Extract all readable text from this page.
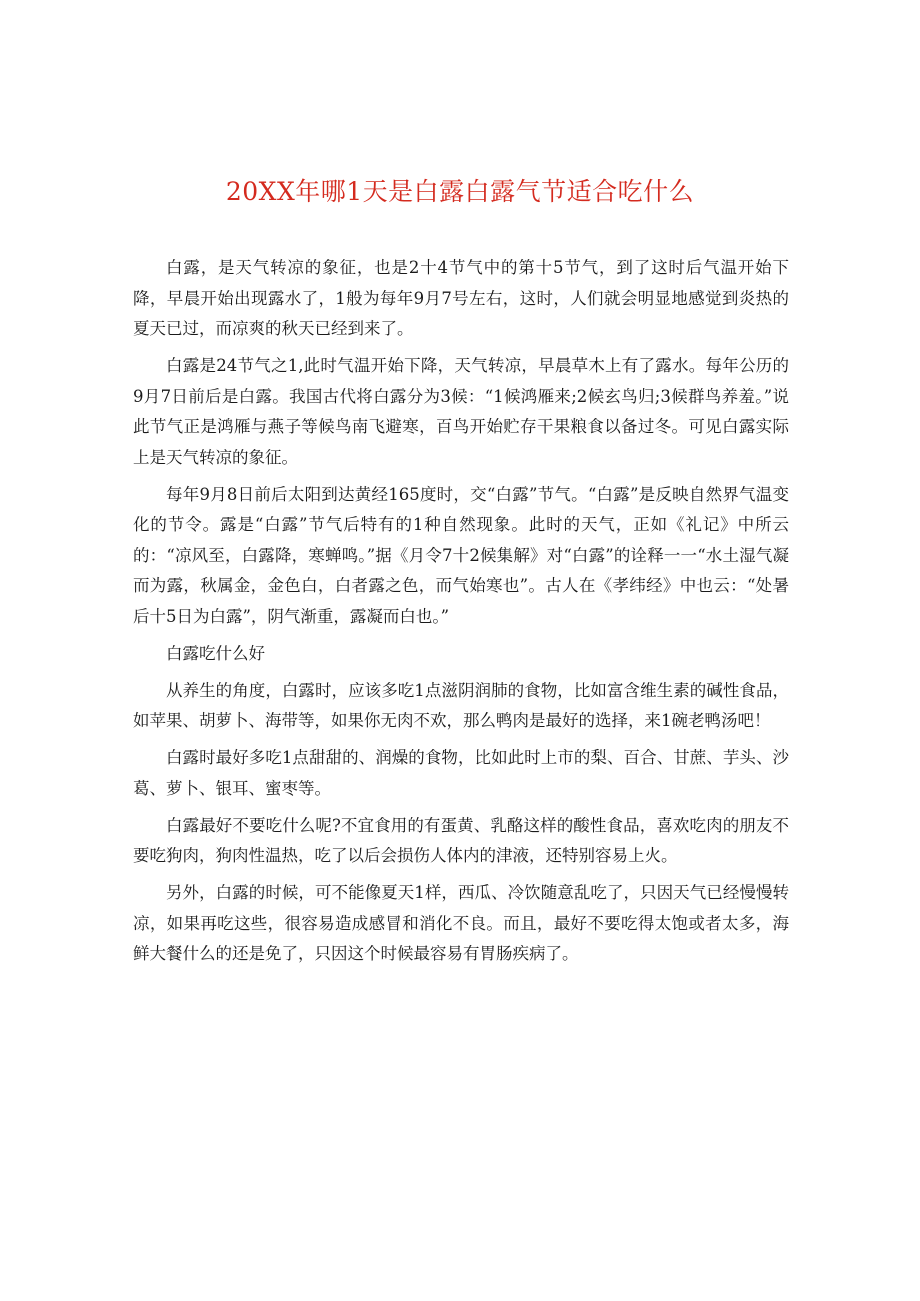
20XX年哪1天是白露白露气节适合吃什么

白露，是天气转凉的象征，也是2十4节气中的第十5节气，到了这时后气温开始下降，早晨开始出现露水了，1般为每年9月7号左右，这时，人们就会明显地感觉到炎热的夏天已过，而凉爽的秋天已经到来了。

白露是24节气之1,此时气温开始下降，天气转凉，早晨草木上有了露水。每年公历的9月7日前后是白露。我国古代将白露分为3候：“1候鸿雁来;2候玄鸟归;3候群鸟养羞。”说此节气正是鸿雁与燕子等候鸟南飞避寒，百鸟开始贮存干果粮食以备过冬。可见白露实际上是天气转凉的象征。

每年9月8日前后太阳到达黄经165度时，交“白露”节气。“白露”是反映自然界气温变化的节令。露是“白露”节气后特有的1种自然现象。此时的天气，正如《礼记》中所云的：“凉风至，白露降，寒蝉鸣。”据《月令7十2候集解》对“白露”的诠释一一“水土湿气凝而为露，秋属金，金色白，白者露之色，而气始寒也”。古人在《孝纬经》中也云：“处暑后十5日为白露”，阴气渐重，露凝而白也。”

白露吃什么好

从养生的角度，白露时，应该多吃1点滋阴润肺的食物，比如富含维生素的碱性食品，如苹果、胡萝卜、海带等，如果你无肉不欢，那么鸭肉是最好的选择，来1碗老鸭汤吧！

白露时最好多吃1点甜甜的、润燥的食物，比如此时上市的梨、百合、甘蔗、芋头、沙葛、萝卜、银耳、蜜枣等。

白露最好不要吃什么呢?不宜食用的有蛋黄、乳酪这样的酸性食品，喜欢吃肉的朋友不要吃狗肉，狗肉性温热，吃了以后会损伤人体内的津液，还特别容易上火。

另外，白露的时候，可不能像夏天1样，西瓜、冷饮随意乱吃了，只因天气已经慢慢转凉，如果再吃这些，很容易造成感冒和消化不良。而且，最好不要吃得太饱或者太多，海鲜大餐什么的还是免了，只因这个时候最容易有胃肠疾病了。
